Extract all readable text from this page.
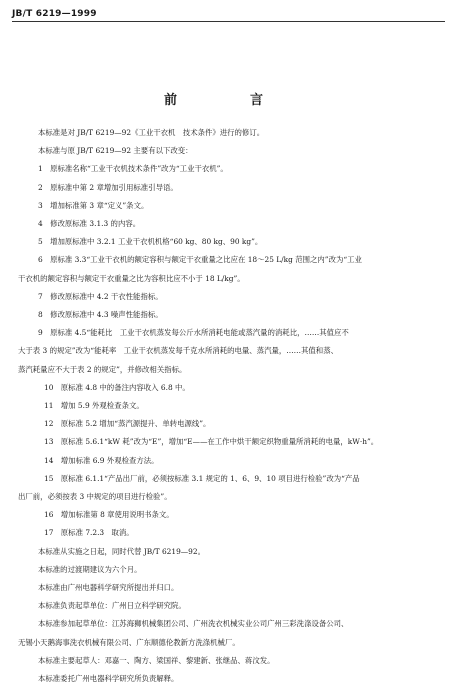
JB/T 6219—1999
前　言

本标准是对 JB/T 6219—92《工业干衣机　技术条件》进行的修订。

本标准与原 JB/T 6219—92 主要有以下改变：

1　原标准名称“工业干衣机技术条件”改为“工业干衣机”。

2　原标准中第 2 章增加引用标准引导语。

3　增加标准第 3 章“定义”条文。

4　修改原标准 3.1.3 的内容。

5　增加原标准中 3.2.1 工业干衣机机格“60 kg、80 kg、90 kg”。

6　原标准 3.3“工业干衣机的额定容积与额定干衣重量之比应在 18～25 L/kg 范围之内”改为“工业

干衣机的额定容积与额定干衣重量之比为容积比应不小于 18 L/kg”。

7　修改原标准中 4.2 干衣性能指标。

8　修改原标准中 4.3 噪声性能指标。

9　原标准 4.5“能耗比　工业干衣机蒸发每公斤水所消耗电能或蒸汽量的消耗比，……其值应不

大于表 3 的规定”改为“能耗率　工业干衣机蒸发每千克水所消耗的电量、蒸汽量，……其值和蒸、

蒸汽耗量应不大于表 2 的规定”，并修改相关指标。

10　原标准 4.8 中的备注内容收入 6.8 中。

11　增加 5.9 外观检查条文。

12　原标准 5.2 增加“蒸汽源提升、单转电源线”。

13　原标准 5.6.1“kW 耗”改为“E”，增加“E——在工作中烘干额定织物重量所消耗的电量，kW·h”。

14　增加标准 6.9 外观检查方法。

15　原标准 6.1.1“产品出厂前，必须按标准 3.1 规定的 1、6、9、10 项目进行检验”改为“产品

出厂前，必须按表 3 中规定的项目进行检验”。

16　增加标准第 8 章使用说明书条文。

17　原标准 7.2.3　取消。

本标准从实施之日起，同时代替 JB/T 6219—92。

本标准的过渡期建议为六个月。

本标准由广州电器科学研究所提出并归口。

本标准负责起草单位：广州日立科学研究院。

本标准参加起草单位：江苏海狮机械集团公司、广州洗衣机械实业公司广州三彩洗涤设备公司、

无锡小天鹅海事洗衣机械有限公司、广东顺德伦教新方洗涤机械厂。

本标准主要起草人：邓嘉一、陶方、梁国祥、黎建新、张继品、蒋汶发。

本标准委托广州电器科学研究所负责解释。
